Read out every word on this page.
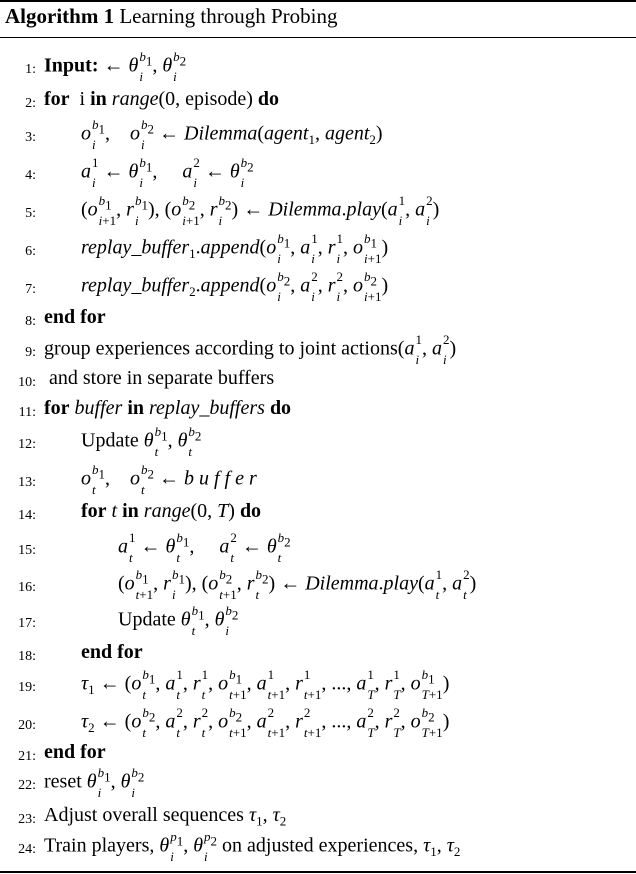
Algorithm 1 Learning through Probing
1: Input: ← θ $b_1$
i , θ $b_2$
i
2: for  i in range(0, episode) do
3: o $b_1$
i ,    o $b_2$
i ← Dilemma(agent$_1$, agent$_2$)
4: a 1
i ← θ $b_1$
i ,     a 2
i ← θ $b_2$
i
5: (o $b_1$
i+1 , r $b_1$
i ), (o $b_2$
i+1 , r $b_2$
i ) ← Dilemma.play(a 1
i , a 2
i )
6: replay_buffer$_1$.append(o $b_1$
i , a 1
i , r 1
i , o $b_1$
i+1 )
7: replay_buffer$_2$.append(o $b_2$
i , a 2
i , r 2
i , o $b_2$
i+1 )
8: end for
9: group experiences according to joint actions(a 1
i , a 2
i )
10: and store in separate buffers
11: for buffer in replay_buffers do
12: Update θ $b_1$
t , θ $b_2$
t
13: o $b_1$
t ,    o $b_2$
t ← b u f f e r
14: for t in range(0, T) do
15:	a 1
t ← θ $b_1$
t ,     a 2
t ← θ $b_2$
t
16:	(o $b_1$
t+1 , r $b_1$
i ), (o $b_2$
t+1 , r $b_2$
t ) ← Dilemma.play(a 1
t , a 2
t )
17:	Update θ $b_1$
t , θ $b_2$
i
18: end for
19: $\tau_1$ ← (o $b_1$
t , a 1
t , r 1
t , o $b_1$
t+1 , a 1
t+1 , r 1
t+1 , ..., a 1
T , r 1
T , o $b_1$
T+1 )
20: $\tau_2$ ← (o $b_2$
t , a 2
t , r 2
t , o $b_2$
t+1 , a 2
t+1 , r 2
t+1 , ..., a 2
T , r 2
T , o $b_2$
T+1 )
21: end for
22: reset θ $b_1$
i , θ $b_2$
i
23: Adjust overall sequences $\tau_1$, $\tau_2$
24: Train players, θ $p_1$
i , θ $p_2$
i on adjusted experiences, $\tau_1$, $\tau_2$
